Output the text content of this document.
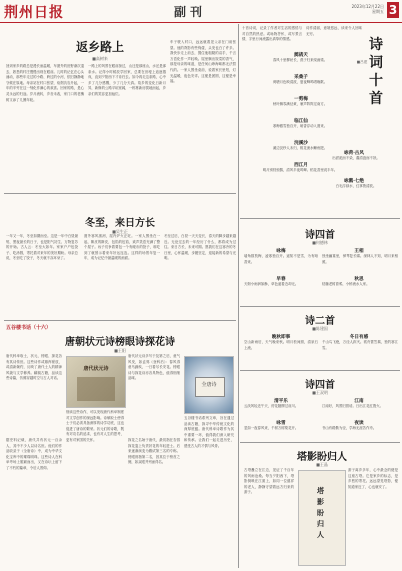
荆州日报	副刊	2023年12月22日
星期五 3
返乡路上
■高树来
回到家乡的路总是漫长而温暖，车窗外的田野渐次退去，熟悉的村庄慢慢出现在眼前。儿时的记忆在心头涌动，那些年走过的小路、跨过的小河，依旧静静地守候在原地。母亲站在村口张望，炊烟袅袅升起，一年的辛劳在这一刻化作满心的欢喜。回家的路，是心灵永远的归途。岁月流转，乡音未改，家门口的老槐树又添了几圈年轮。
一路上的风景在眼前掠过，山还是那座山，水还是那条水。记得小时候放学回家，总要在田埂上追逐嬉戏，直到夕阳西下才肯归去。如今再走这条路，心中多了几分感慨，少了几分天真。故乡的变化日新月异，新修的公路平坦宽阔，一栋栋新房拔地而起，乡亲们的笑容更加灿烂。
车子驶入村口，远远就看见父亲在门前张望。他的背影有些佝偻，头发也白了许多。我快步走上前去，握住他粗糙的双手，千言万语化作一声轻唤。屋里飘出饭菜的香气，那是母亲的味道，是任何山珍海味都无法替代的。一家人围坐桌前，说着家长里短，灯光温暖，夜色安详。这便是团圆，这便是幸福。
冬至，来日方长
■吴生正
一年又一年，冬至如期而至。这是一年中白昼最短、黑夜最长的日子，也是阳气初生、万物复苏的开始。古人云：冬至大如年。家家户户包饺子、吃汤圆，寄托着对来年的美好期盼。母亲总说，冬至吃了饺子，冬天就不冻耳朵了。
窗外寒风凛冽，屋内炉火正旺。一家人围坐在一起，擀皮的擀皮，包馅的包馅，欢声笑语充满了整个屋子。孩子们争着要包一个有硬币的饺子，谁吃到了就预示着来年好运连连。这样的场景年复一年，成为记忆中最温暖的画面。
冬至过后，白昼一天天变长，春天的脚步越来越近。无论过去的一年经历了什么，都将成为过往。来日方长，未来可期。愿我们在这寒冷的冬日里，心怀温暖，步履坚定，迎接新的希望与光明。
五谷楼书话（十六）
唐朝状元诗榜眼诗探花诗
■王阳
唐代科举取士，状元、榜眼、探花各有其诗传世。这些诗作或雄浑豪放，或清新婉约，反映了唐代士人的精神风貌与文学修养。翻阅古籍，品读这些诗篇，仿佛穿越时空与古人对话。
唐代状元诗
唐代状元诗多写于及第之后，意气风发，如孟郊《登科后》：春风得意马蹄疾，一日看尽长安花。榜眼诗与探花诗亦各具特色，值得细细品味。
全唐诗
据史料记载，唐代共有状元一百余人，其中不少人以诗名世。他们的作品收录于《全唐诗》中，成为中华文化宝库中的璀璨明珠。这些诗人在科举考场上脱颖而出，又在诗坛上留下了不朽的篇章，令后人景仰。
细读这些诗作，可以发现唐代科举制度对文学创作的深远影响。诗赋取士使得士子们必须具备深厚的诗学功底，这也促进了唐诗的繁荣。状元们的诗歌，既有对功名的追求，也有对人生的思考，更有对家国的关怀。	探花之名始于唐代，最初指在杏园探花宴上负责折花的年轻进士。后来逐渐演变为殿试第三名的专称。榜眼则指第二名，因其位于榜首之侧，如双眼并列而得名。
五谷楼书话系列文章，旨在通过品读古籍，探寻中华传统文化的深厚底蕴。唐代科举诗歌作为其中重要一环，值得我们深入研究和传承。让我们一起走进历史，感受古人的才情与风骨。
十首诗词，记录了作者对生活的感悟与对自然的热爱。或咏物抒怀，或写景言情，字里行间流露出真挚的情感。
词作清丽，意境悠远，读来令人回味无穷。
鹧鸪天
春风十里柳丝长，燕子归来绕画梁。
采桑子
荷塘月色映清波，夏夜蝉鸣唱晚歌。
一剪梅
秋叶飘零满径黄，雁声阵阵过南方。
临江仙
寒梅傲雪独自开，暗香浮动入窗来。
浣溪沙
溪边浣纱人未归，桃花流水鳜鱼肥。
西江月
明月别枝惊鹊，清风半夜鸣蝉。稻花香里说丰年。
诗词十首
■吕建
咏荷·古风
出淤泥而不染，濯清涟而不妖。
咏鹅·七绝
白毛浮绿水，红掌拨清波。
诗四首
■何德林
咏梅
墙角数枝梅，凌寒独自开。遥知不是雪，为有暗香来。
王相
独坐幽篁里，弹琴复长啸。深林人不知，明月来相照。
早春
天街小雨润如酥，草色遥看近却无。
秋思
枯藤老树昏鸦，小桥流水人家。
诗二首
■陈建国
晚秋即事
空山新雨后，天气晚来秋。明月松间照，清泉石上流。
冬日有感
千山鸟飞绝，万径人踪灭。孤舟蓑笠翁，独钓寒江雪。
诗四首
■王双明
清平乐
云淡风轻近午天，傍花随柳过前川。
江南
江南好，风景旧曾谙。日出江花红胜火。
咏雪
忽如一夜春风来，千树万树梨花开。
夜读
书山有路勤为径，学海无涯苦作舟。
塔影盼归人
■王晶
古塔矗立在江边，见证了千百年的风雨沧桑。每当夕阳西下，塔影倒映在江面上，如同一位慈祥的老人，静静守望着远方归来的游子。	塔影盼归人
游子离乡多年，心中最念的便是这座古塔。它是家乡的标志，是乡愁的寄托。远远望见塔影，便知道家近了，心也就安了。
